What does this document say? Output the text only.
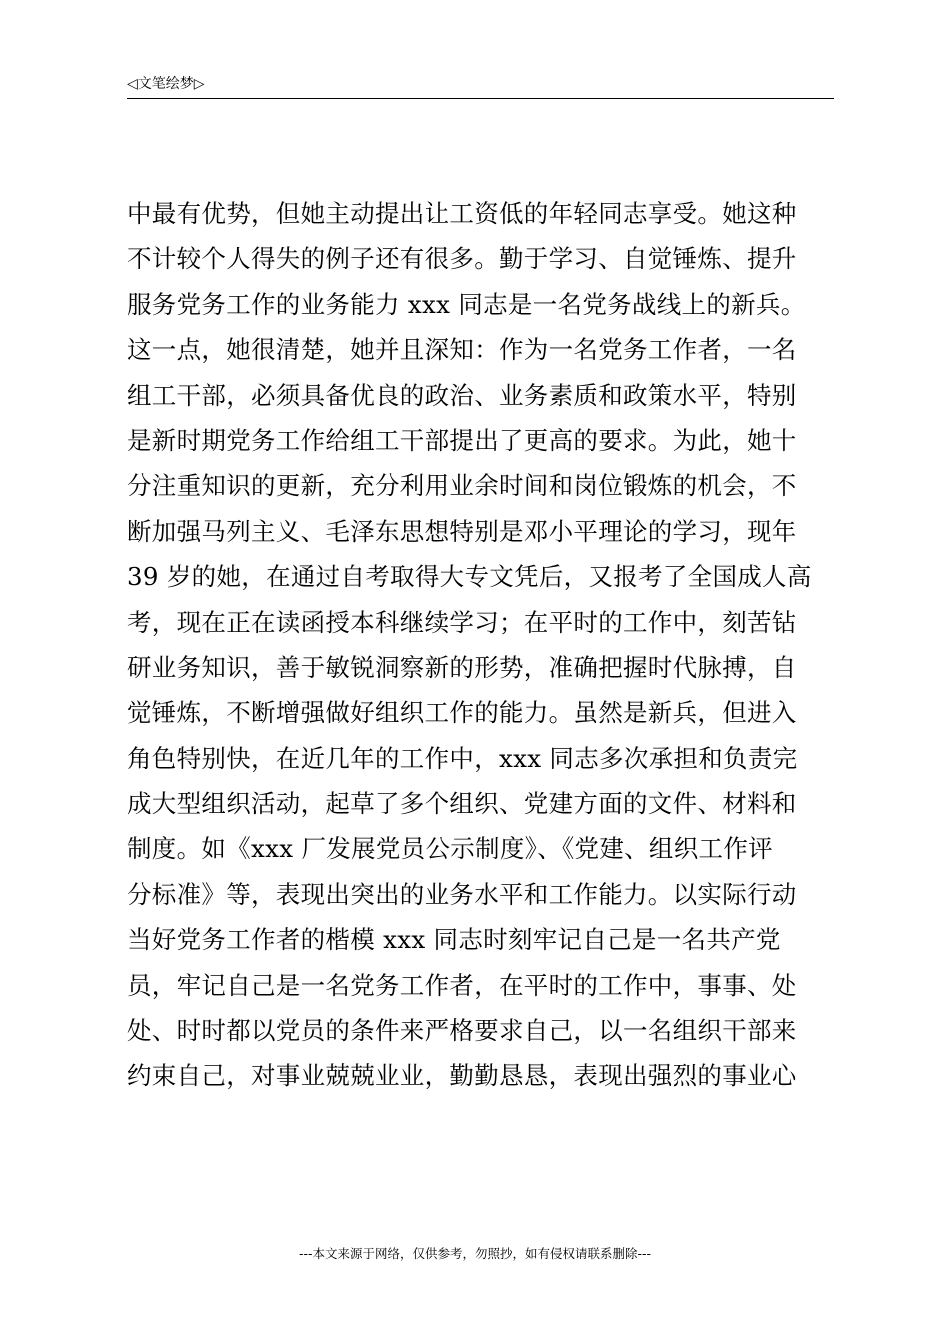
◁文笔绘梦▷
中最有优势，但她主动提出让工资低的年轻同志享受。她这种
不计较个人得失的例子还有很多。勤于学习、自觉锤炼、提升
服务党务工作的业务能力 xxx 同志是一名党务战线上的新兵。
这一点，她很清楚，她并且深知：作为一名党务工作者，一名
组工干部，必须具备优良的政治、业务素质和政策水平，特别
是新时期党务工作给组工干部提出了更高的要求。为此，她十
分注重知识的更新，充分利用业余时间和岗位锻炼的机会，不
断加强马列主义、毛泽东思想特别是邓小平理论的学习，现年
39 岁的她，在通过自考取得大专文凭后，又报考了全国成人高
考，现在正在读函授本科继续学习；在平时的工作中，刻苦钻
研业务知识，善于敏锐洞察新的形势，准确把握时代脉搏，自
觉锤炼，不断增强做好组织工作的能力。虽然是新兵，但进入
角色特别快，在近几年的工作中，xxx 同志多次承担和负责完
成大型组织活动，起草了多个组织、党建方面的文件、材料和
制度。如《xxx 厂发展党员公示制度》、《党建、组织工作评
分标准》等，表现出突出的业务水平和工作能力。以实际行动
当好党务工作者的楷模 xxx 同志时刻牢记自己是一名共产党
员，牢记自己是一名党务工作者，在平时的工作中，事事、处
处、时时都以党员的条件来严格要求自己，以一名组织干部来
约束自己，对事业兢兢业业，勤勤恳恳，表现出强烈的事业心
---本文来源于网络，仅供参考，勿照抄，如有侵权请联系删除---
